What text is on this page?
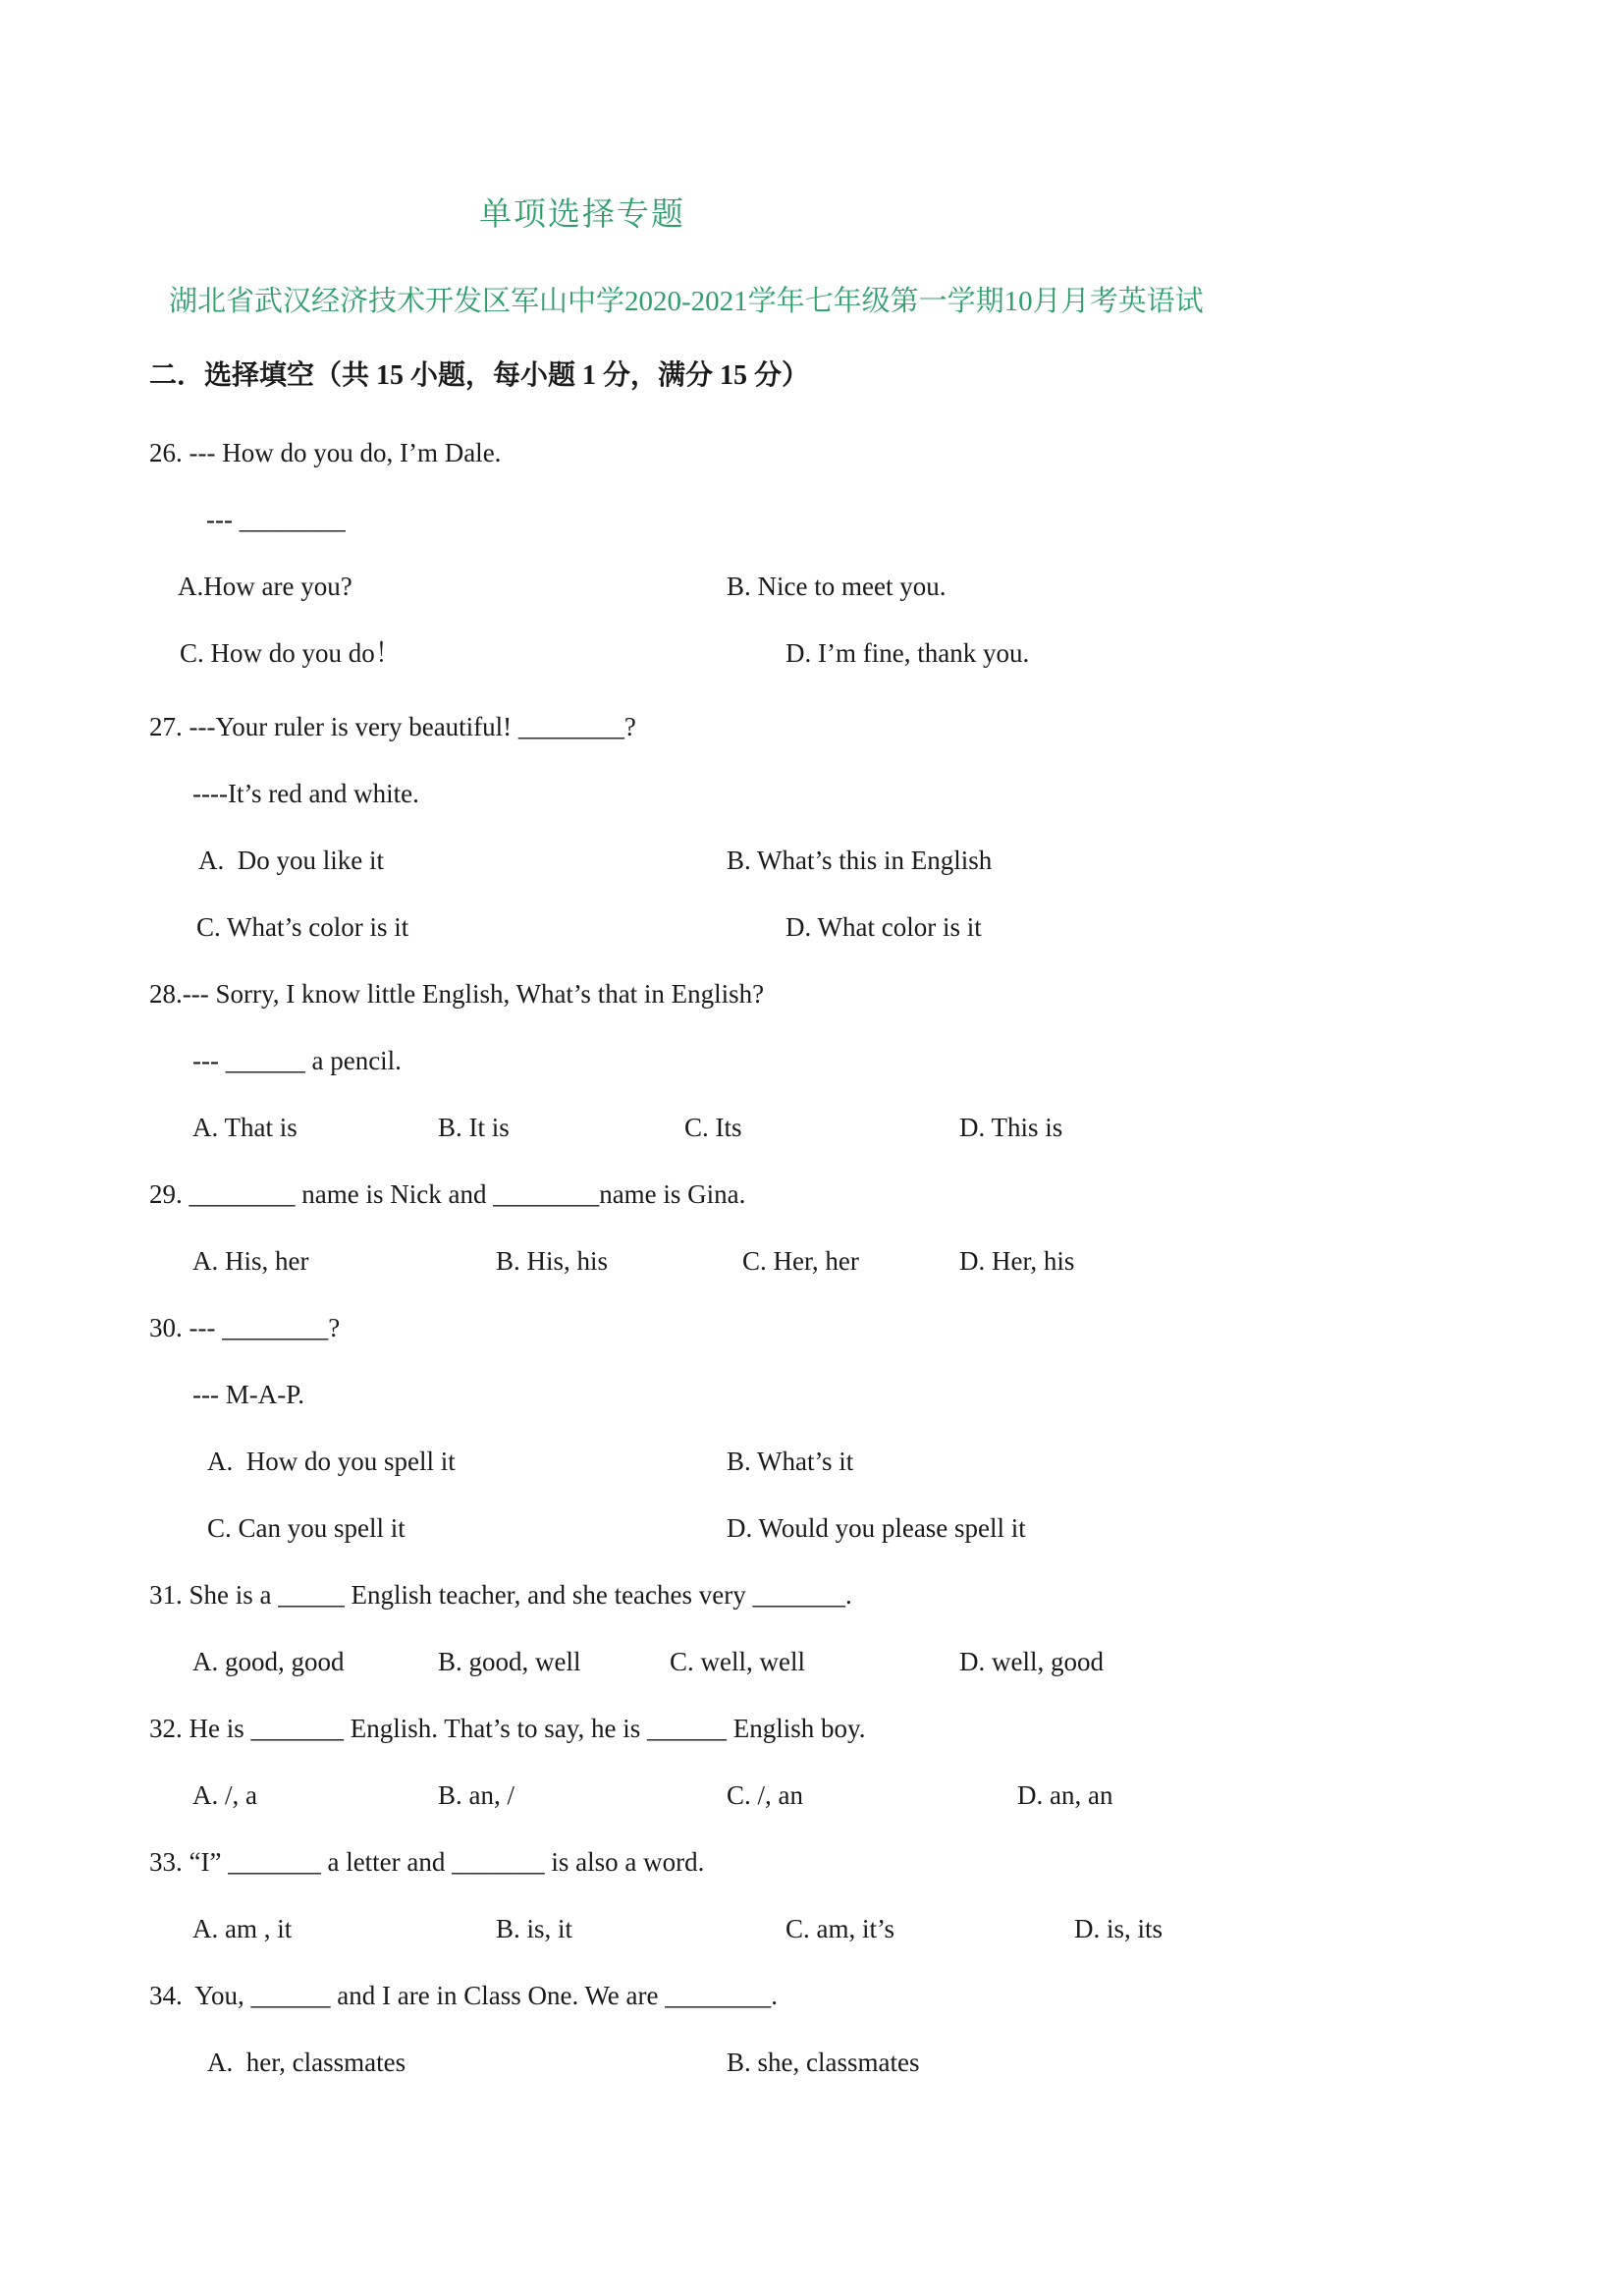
单项选择专题
湖北省武汉经济技术开发区军山中学2020-2021学年七年级第一学期10月月考英语试
二．选择填空（共 15 小题，每小题 1 分，满分 15 分）
26. --- How do you do, I’m Dale.
--- ________
A.How are you?	B. Nice to meet you.
C. How do you do！	D. I’m fine, thank you.
27. ---Your ruler is very beautiful! ________?
----It’s red and white.
A.  Do you like it	B. What’s this in English
C. What’s color is it	D. What color is it
28.--- Sorry, I know little English, What’s that in English?
--- ______ a pencil.
A. That is	B. It is	C. Its	D. This is
29. ________ name is Nick and ________name is Gina.
A. His, her	B. His, his	C. Her, her	D. Her, his
30. --- ________?
--- M-A-P.
A.  How do you spell it	B. What’s it
C. Can you spell it	D. Would you please spell it
31. She is a _____ English teacher, and she teaches very _______.
A. good, good	B. good, well	C. well, well	D. well, good
32. He is _______ English. That’s to say, he is ______ English boy.
A. /, a	B. an, /	C. /, an	D. an, an
33. “I” _______ a letter and _______ is also a word.
A. am , it	B. is, it	C. am, it’s	D. is, its
34.  You, ______ and I are in Class One. We are ________.
A.  her, classmates	B. she, classmates
